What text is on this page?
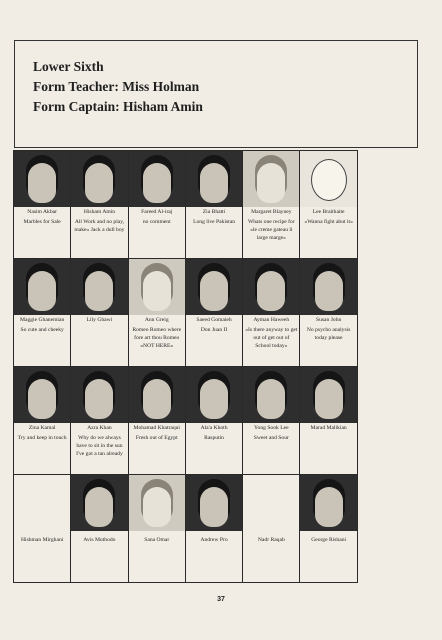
Lower Sixth
Form Teacher: Miss Holman
Form Captain: Hisham Amin
Nasim Akbar
Marbles for Sale
Hisham Amin
All Work and no play, make» Jack a dull boy
Fareed Al-iraj
no comment
Zia Bhatti
Long live Pakistan
Margaret Blayney
Whats one recipe for «le creme gateau li large marge»
Lee Braithaite
«Wanna fight abut it»
Maggie Ghanemian
So cute and cheeky
Lily Ghawi	Ann Greig
Romeo Romeo where fore art thou Romeo «NOT HERE»
Saeed Gomaieh
Don Juan II
Ayman Haweeh
«Is there anyway to get out of get out of School today»
Susan John
No psycho analysis today please
Zina Kamal
Try and keep in touch
Azra Khan
Why do we always have to sit in the sun I've got a tan already
Mohamad Khatraqui
Fresh out of Egypt
Ala'a Khoth
Rasputin
Yong Sook Lee
Sweet and Sour
Marad Malikian
Hishman Mirghani	Avis Muthodo	Sana Omar	Andrew Pro	Nadr Raqab	George Rishani
37
